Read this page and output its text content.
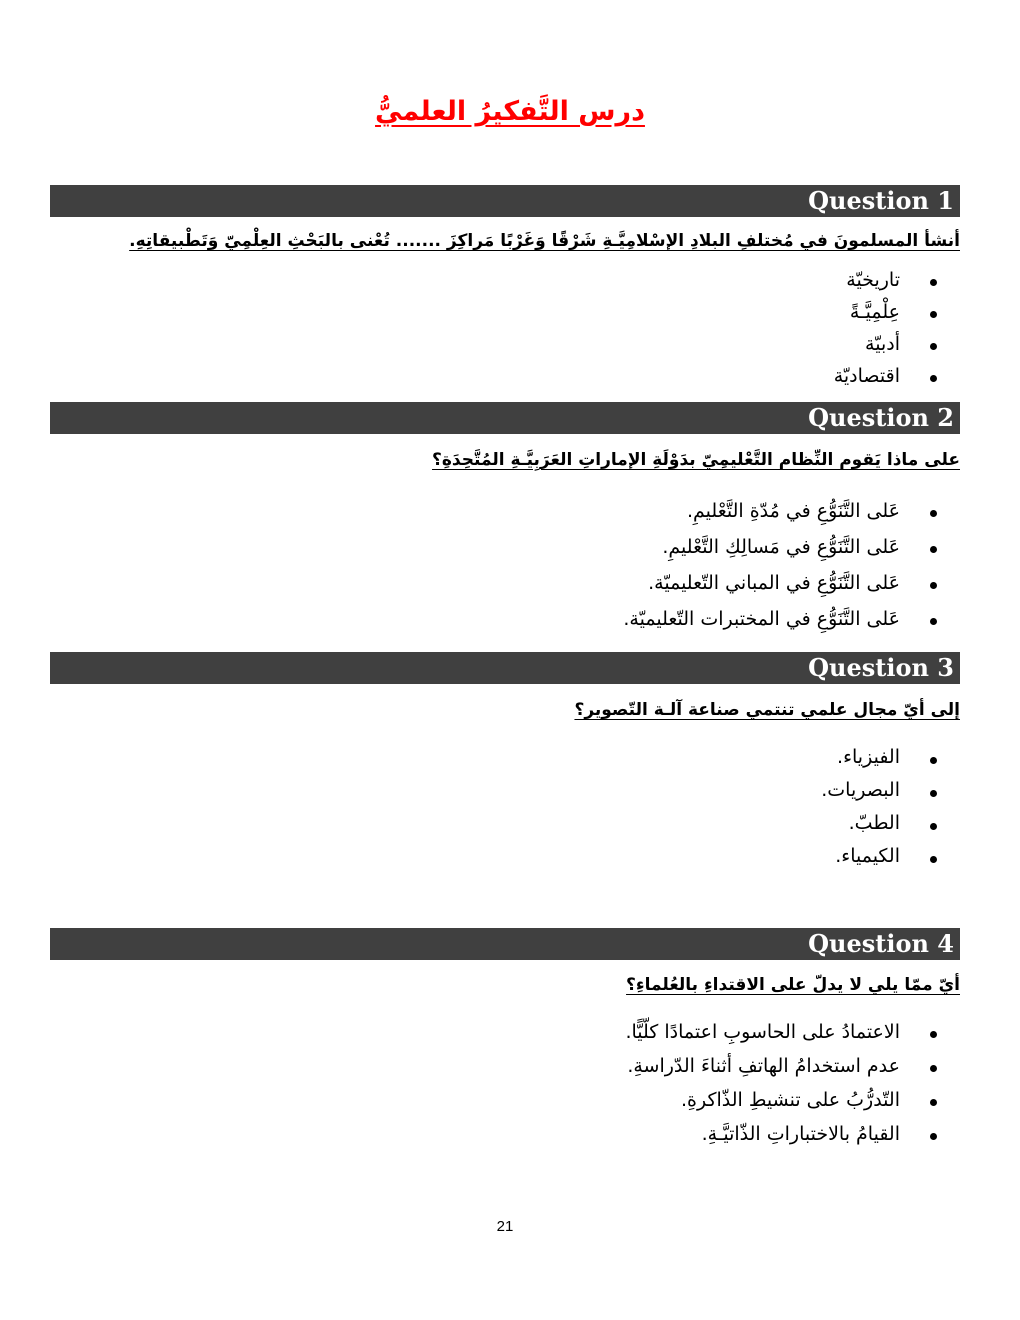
درس التَّفكيرُ العلميُّ
Question 1
أنشأ المسلمونَ في مُختلفِ البلادِ الإسْلامِيَّـةِ شَرْقًا وَغَرْبًا مَراكِزَ ....... تُعْنى بالبَحْثِ العِلْمِيّ وَتَطْبيقاتِهِ.
تاريخيّة
عِلْمِيَّـةً
أدبيّة
اقتصاديّة
Question 2
على ماذا يَقوم النِّظام التَّعْليمِيّ بدَوْلَةِ الإماراتِ العَرَبِيَّـةِ المُتَّحِدَةِ؟
عَلى التَّنَوُّعِ في مُدّةِ التَّعْليمِ.
عَلى التَّنَوُّعِ في مَسالِكِ التَّعْليمِ.
عَلى التَّنَوُّعِ في المباني التّعليميّة.
عَلى التَّنَوُّعِ في المختبرات التّعليميّة.
Question 3
إلى أيّ مجال علمي تنتمي صناعة آلـة التّصوير؟
الفيزياء.
البصريات.
الطبّ.
الكيمياء.
Question 4
أيّ ممّا يلي لا يدلّ على الاقتداءِ بالعُلماءِ؟
الاعتمادُ على الحاسوبِ اعتمادًا كلّيًّا.
عدم استخدامُ الهاتفِ أثناءَ الدّراسةِ.
التّدرُّبُ على تنشيطِ الذّاكرةِ.
القيامُ بالاختباراتِ الذّاتيَّـةِ.
21
